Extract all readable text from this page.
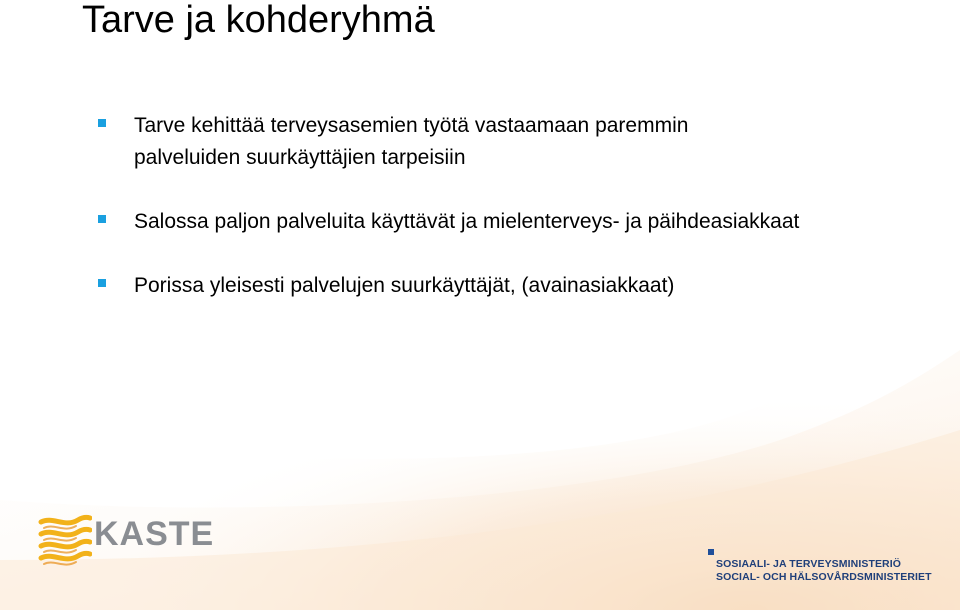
Tarve ja kohderyhmä
Tarve kehittää terveysasemien työtä vastaamaan paremmin
palveluiden suurkäyttäjien tarpeisiin
Salossa paljon palveluita käyttävät ja mielenterveys- ja päihdeasiakkaat
Porissa yleisesti palvelujen suurkäyttäjät, (avainasiakkaat)
KASTE
SOSIAALI- JA TERVEYSMINISTERIÖ
SOCIAL- OCH HÄLSOVÅRDSMINISTERIET
